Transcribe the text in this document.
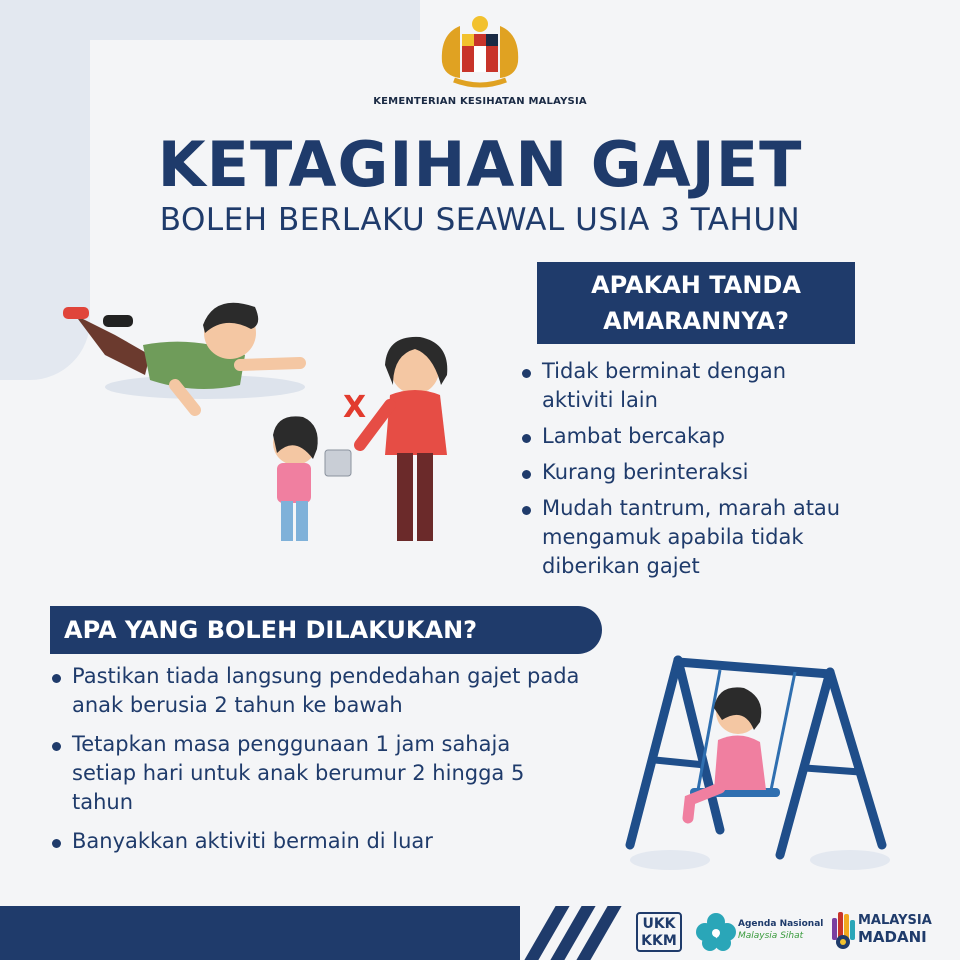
KEMENTERIAN KESIHATAN MALAYSIA
KETAGIHAN GAJET
BOLEH BERLAKU SEAWAL USIA 3 TAHUN
APAKAH TANDA
AMARANNYA?
Tidak berminat dengan aktiviti lain
Lambat bercakap
Kurang berinteraksi
Mudah tantrum, marah atau mengamuk apabila tidak diberikan gajet
X
APA YANG BOLEH DILAKUKAN?
Pastikan tiada langsung pendedahan gajet pada anak berusia 2 tahun ke bawah
Tetapkan masa penggunaan 1 jam sahaja setiap hari untuk anak berumur 2 hingga 5 tahun
Banyakkan aktiviti bermain di luar
UKK
KKM
Agenda Nasional
Malaysia Sihat
MALAYSIA
MADANI
